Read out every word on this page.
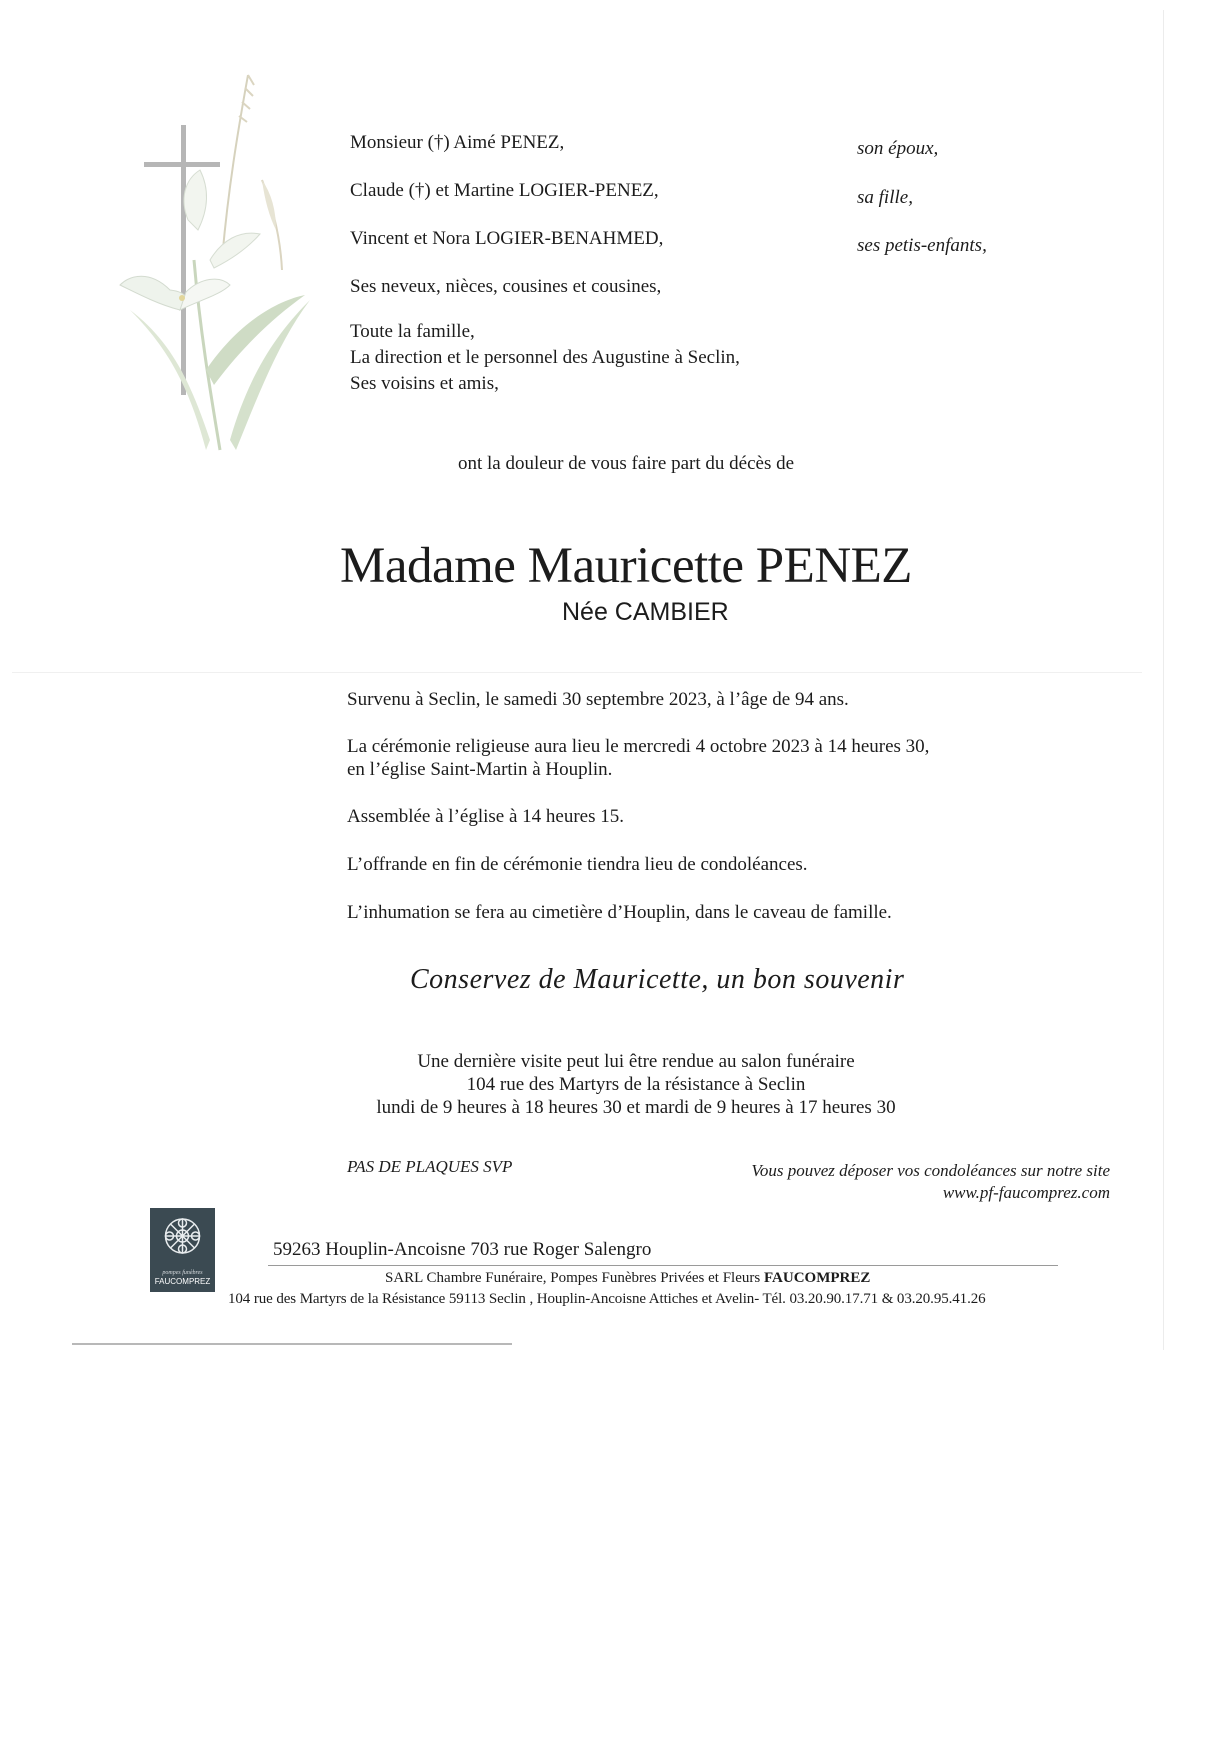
Monsieur (†) Aimé PENEZ,	son époux,
Claude (†) et Martine LOGIER-PENEZ,	sa fille,
Vincent et Nora LOGIER-BENAHMED,	ses petis-enfants,
Ses neveux, nièces, cousines et cousines,
Toute la famille,
La direction et le personnel des Augustine à Seclin,
Ses voisins et amis,
ont la douleur de vous faire part du décès de
Madame Mauricette PENEZ
Née CAMBIER
Survenu à Seclin, le samedi 30 septembre 2023, à l’âge de 94 ans.
La cérémonie religieuse aura lieu le mercredi 4 octobre 2023 à 14 heures 30,
en l’église Saint-Martin à Houplin.
Assemblée à l’église à 14 heures 15.
L’offrande en fin de cérémonie tiendra lieu de condoléances.
L’inhumation se fera au cimetière d’Houplin, dans le caveau de famille.
Conservez de Mauricette, un bon souvenir
Une dernière visite peut lui être rendue au salon funéraire
104 rue des Martyrs de la résistance à Seclin
lundi de 9 heures à 18 heures 30 et mardi de 9 heures à 17 heures 30
PAS DE PLAQUES SVP	Vous pouvez déposer vos condoléances sur notre site
www.pf-faucomprez.com
pompes funèbres
FAUCOMPREZ
59263 Houplin-Ancoisne 703 rue Roger Salengro
SARL Chambre Funéraire, Pompes Funèbres Privées et Fleurs FAUCOMPREZ
104 rue des Martyrs de la Résistance 59113 Seclin , Houplin-Ancoisne Attiches et Avelin- Tél. 03.20.90.17.71 & 03.20.95.41.26
